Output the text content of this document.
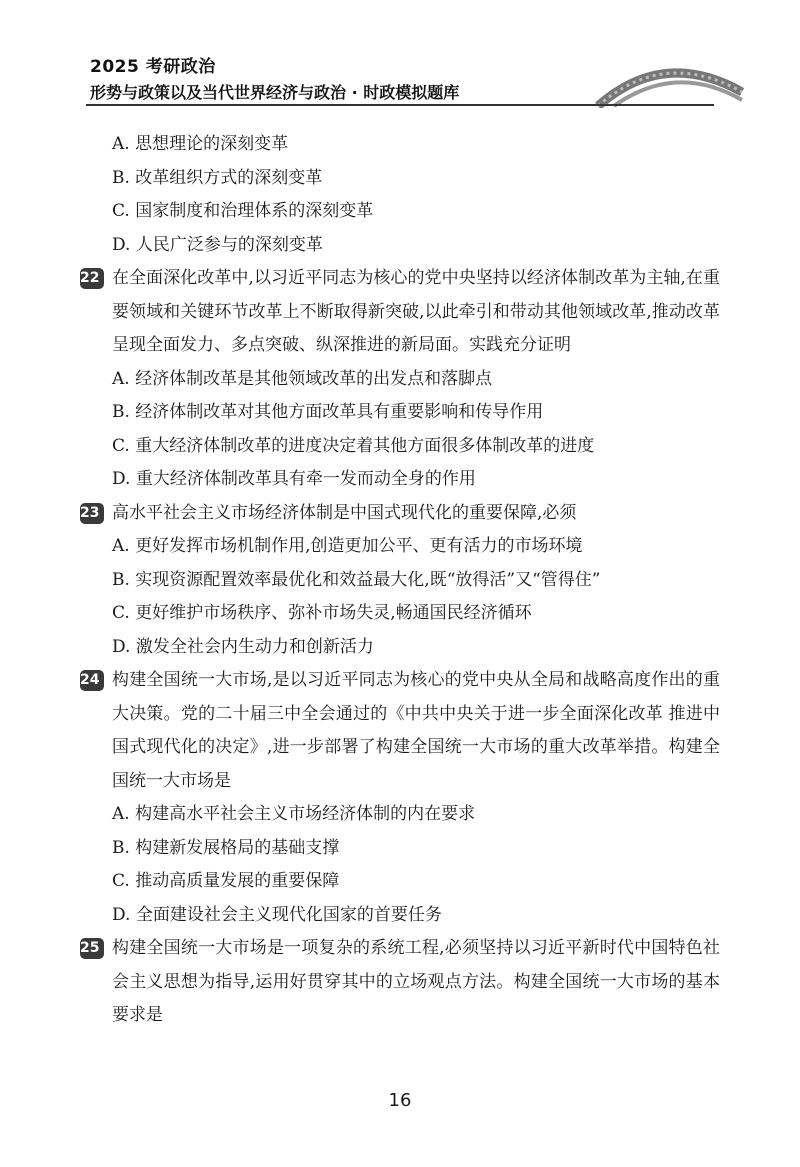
2025 考研政治
形势与政策以及当代世界经济与政治 · 时政模拟题库
A. 思想理论的深刻变革
B. 改革组织方式的深刻变革
C. 国家制度和治理体系的深刻变革
D. 人民广泛参与的深刻变革
22 在全面深化改革中,以习近平同志为核心的党中央坚持以经济体制改革为主轴,在重要领域和关键环节改革上不断取得新突破,以此牵引和带动其他领域改革,推动改革呈现全面发力、多点突破、纵深推进的新局面。实践充分证明
A. 经济体制改革是其他领域改革的出发点和落脚点
B. 经济体制改革对其他方面改革具有重要影响和传导作用
C. 重大经济体制改革的进度决定着其他方面很多体制改革的进度
D. 重大经济体制改革具有牵一发而动全身的作用
23 高水平社会主义市场经济体制是中国式现代化的重要保障,必须
A. 更好发挥市场机制作用,创造更加公平、更有活力的市场环境
B. 实现资源配置效率最优化和效益最大化,既“放得活”又“管得住”
C. 更好维护市场秩序、弥补市场失灵,畅通国民经济循环
D. 激发全社会内生动力和创新活力
24 构建全国统一大市场,是以习近平同志为核心的党中央从全局和战略高度作出的重大决策。党的二十届三中全会通过的《中共中央关于进一步全面深化改革 推进中国式现代化的决定》,进一步部署了构建全国统一大市场的重大改革举措。构建全国统一大市场是
A. 构建高水平社会主义市场经济体制的内在要求
B. 构建新发展格局的基础支撑
C. 推动高质量发展的重要保障
D. 全面建设社会主义现代化国家的首要任务
25 构建全国统一大市场是一项复杂的系统工程,必须坚持以习近平新时代中国特色社会主义思想为指导,运用好贯穿其中的立场观点方法。构建全国统一大市场的基本要求是
16
